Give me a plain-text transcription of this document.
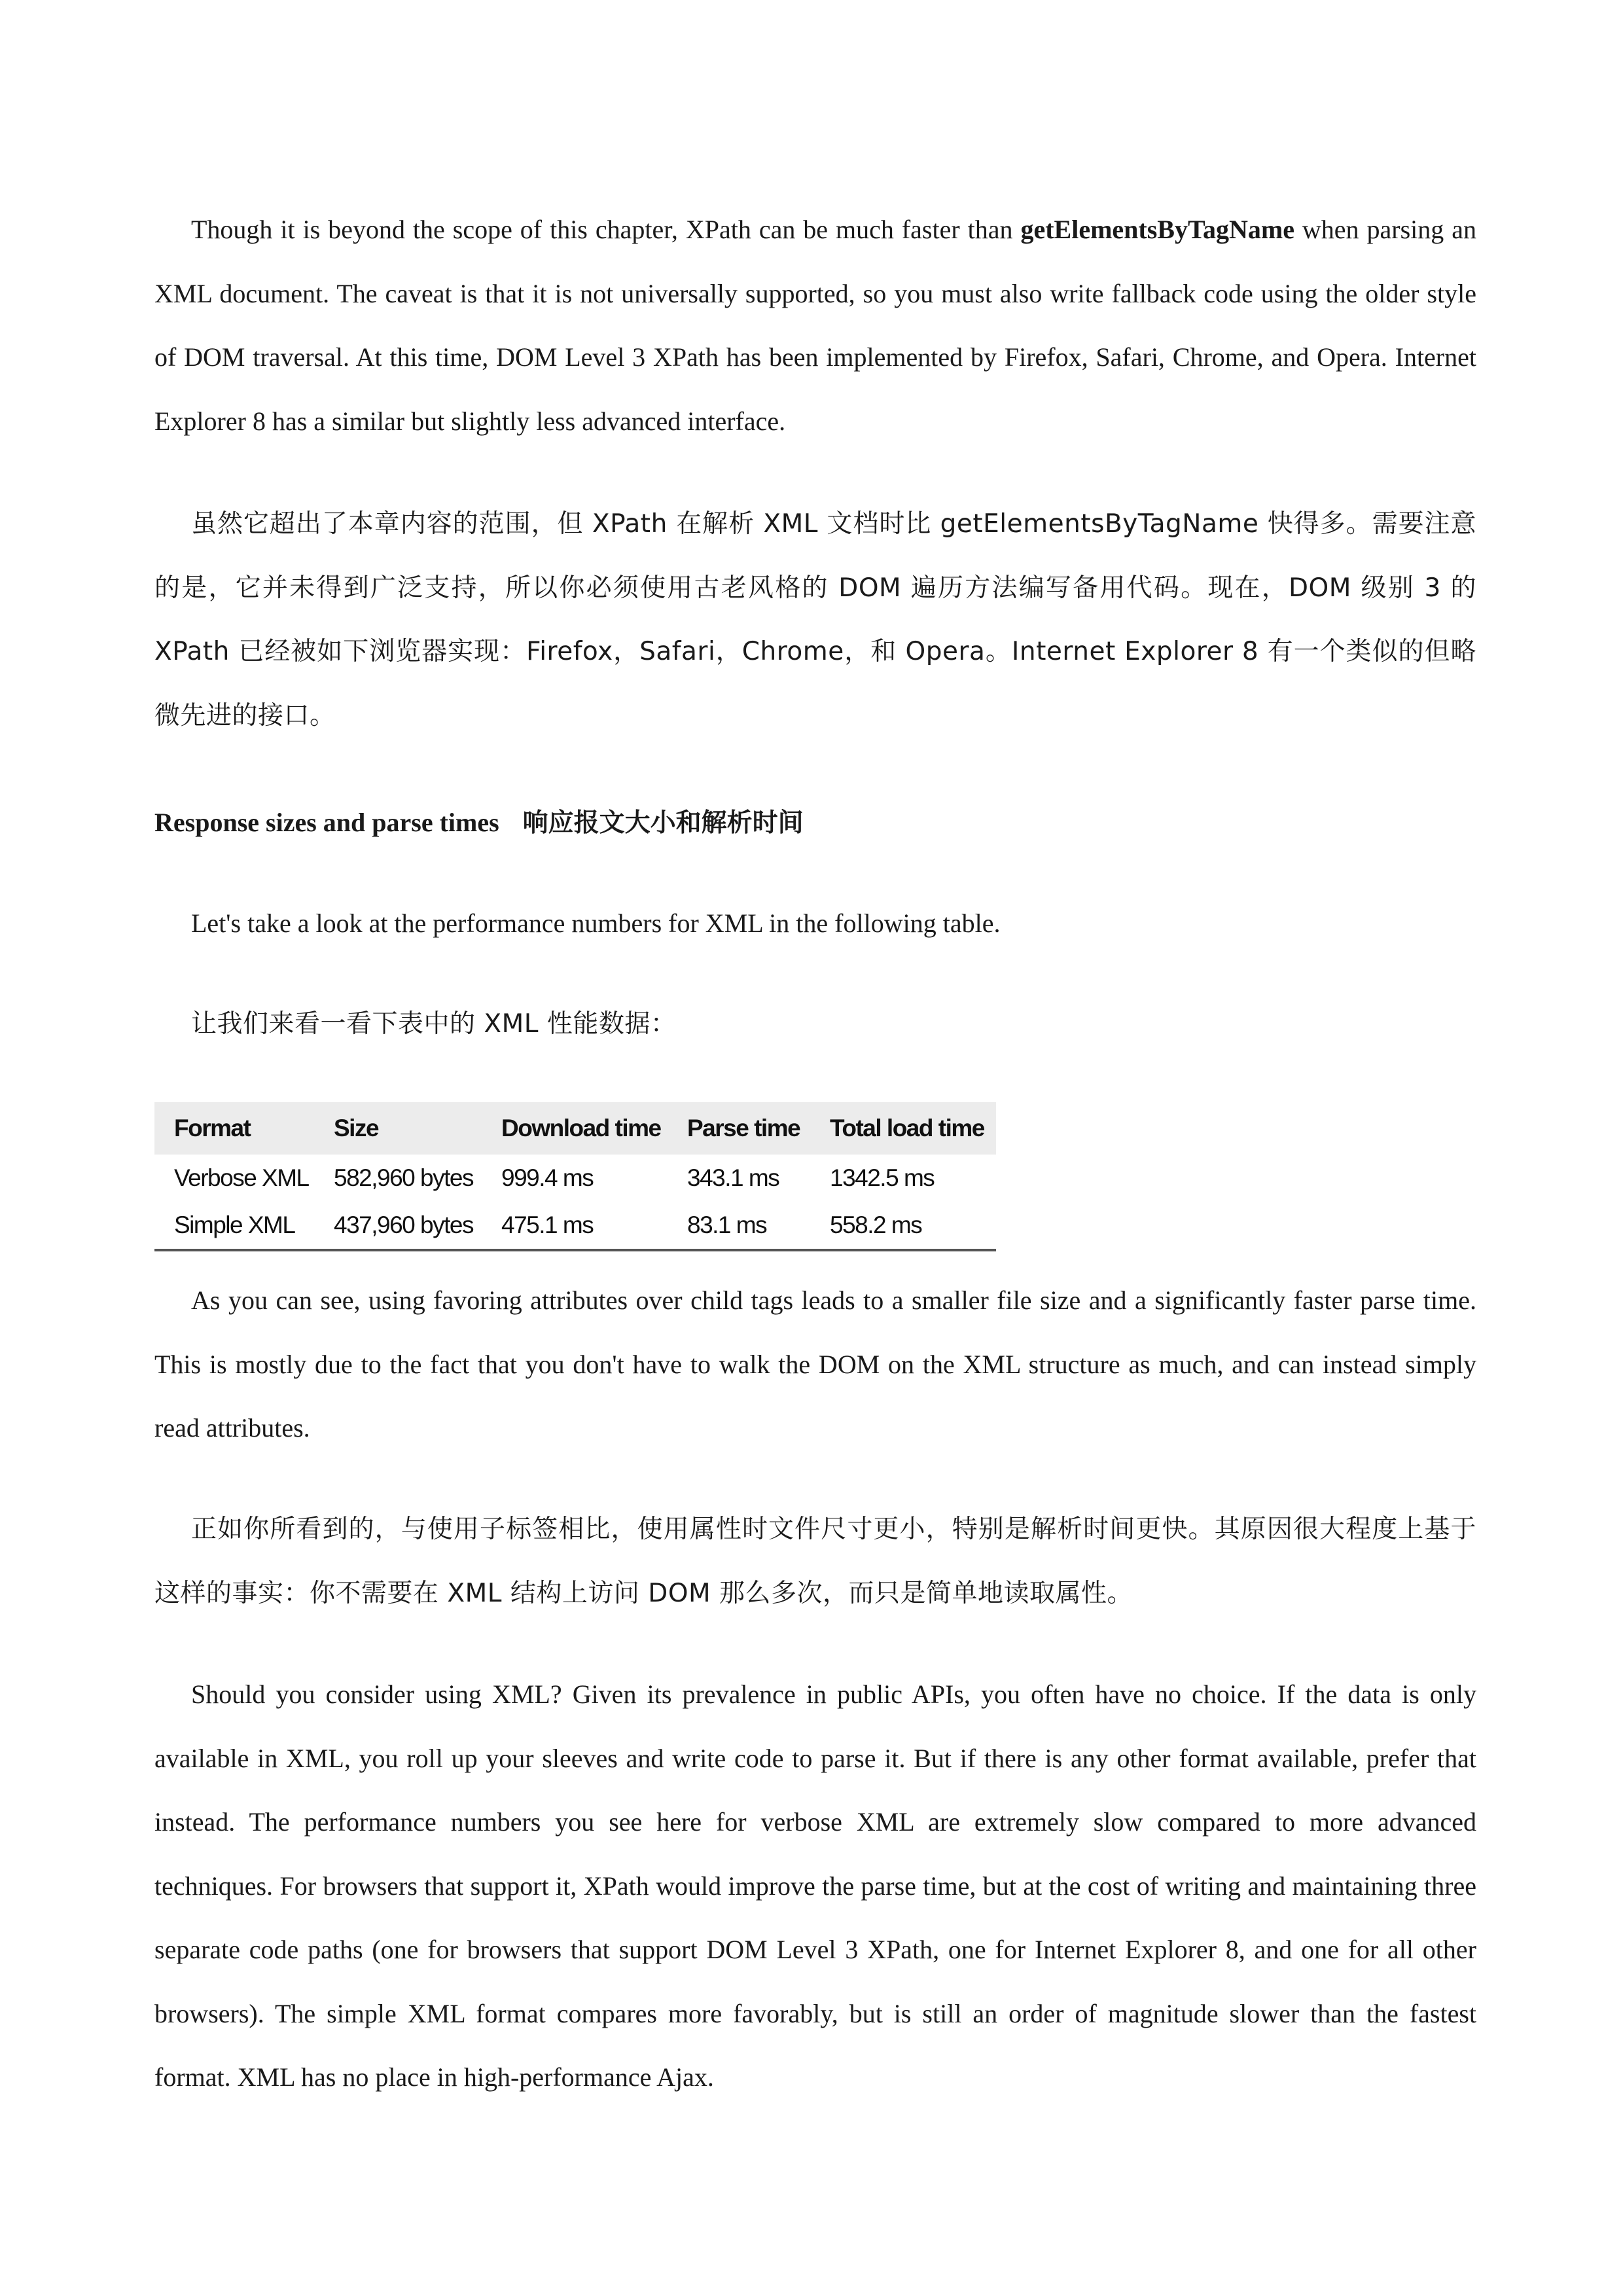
Though it is beyond the scope of this chapter, XPath can be much faster than getElementsByTagName when parsing an XML document. The caveat is that it is not universally supported, so you must also write fallback code using the older style of DOM traversal. At this time, DOM Level 3 XPath has been implemented by Firefox, Safari, Chrome, and Opera. Internet Explorer 8 has a similar but slightly less advanced interface.

虽然它超出了本章内容的范围，但 XPath 在解析 XML 文档时比 getElementsByTagName 快得多。需要注意的是，它并未得到广泛支持，所以你必须使用古老风格的 DOM 遍历方法编写备用代码。现在，DOM 级别 3 的 XPath 已经被如下浏览器实现：Firefox，Safari，Chrome，和 Opera。Internet Explorer 8 有一个类似的但略微先进的接口。

Response sizes and parse times 响应报文大小和解析时间

Let's take a look at the performance numbers for XML in the following table.

让我们来看一看下表中的 XML 性能数据：

Format	Size	Download time	Parse time	Total load time
Verbose XML	582,960 bytes	999.4 ms	343.1 ms	1342.5 ms
Simple XML	437,960 bytes	475.1 ms	83.1 ms	558.2 ms

As you can see, using favoring attributes over child tags leads to a smaller file size and a significantly faster parse time. This is mostly due to the fact that you don't have to walk the DOM on the XML structure as much, and can instead simply read attributes.

正如你所看到的，与使用子标签相比，使用属性时文件尺寸更小，特别是解析时间更快。其原因很大程度上基于这样的事实：你不需要在 XML 结构上访问 DOM 那么多次，而只是简单地读取属性。

Should you consider using XML? Given its prevalence in public APIs, you often have no choice. If the data is only available in XML, you roll up your sleeves and write code to parse it. But if there is any other format available, prefer that instead. The performance numbers you see here for verbose XML are extremely slow compared to more advanced techniques. For browsers that support it, XPath would improve the parse time, but at the cost of writing and maintaining three separate code paths (one for browsers that support DOM Level 3 XPath, one for Internet Explorer 8, and one for all other browsers). The simple XML format compares more favorably, but is still an order of magnitude slower than the fastest format. XML has no place in high-performance Ajax.
